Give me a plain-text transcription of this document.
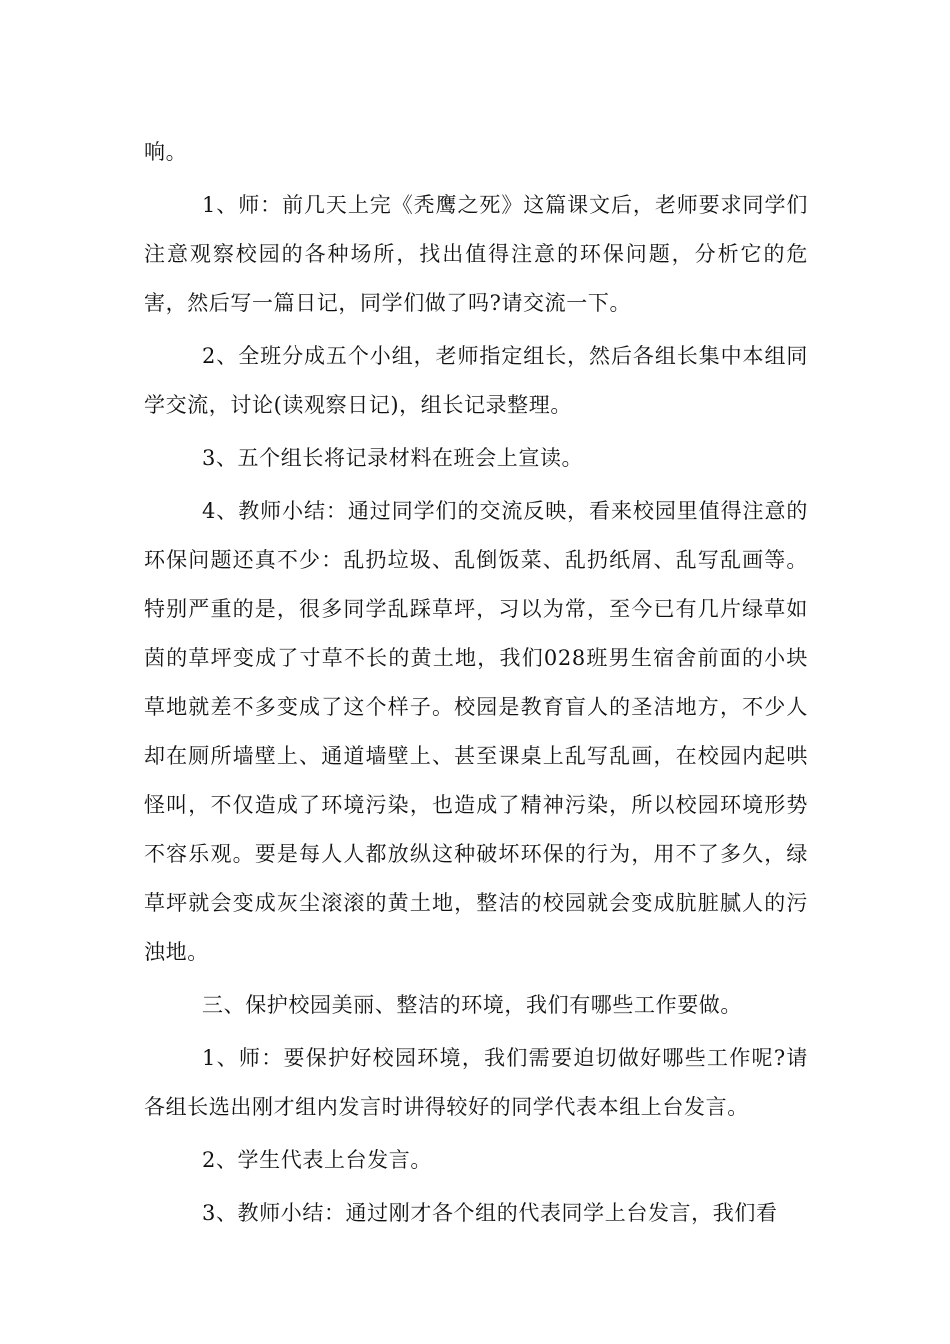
响。

1、师：前几天上完《秃鹰之死》这篇课文后，老师要求同学们注意观察校园的各种场所，找出值得注意的环保问题，分析它的危害，然后写一篇日记，同学们做了吗?请交流一下。

2、全班分成五个小组，老师指定组长，然后各组长集中本组同学交流，讨论(读观察日记)，组长记录整理。

3、五个组长将记录材料在班会上宣读。

4、教师小结：通过同学们的交流反映，看来校园里值得注意的环保问题还真不少：乱扔垃圾、乱倒饭菜、乱扔纸屑、乱写乱画等。特别严重的是，很多同学乱踩草坪，习以为常，至今已有几片绿草如茵的草坪变成了寸草不长的黄土地，我们028班男生宿舍前面的小块草地就差不多变成了这个样子。校园是教育盲人的圣洁地方，不少人却在厕所墙壁上、通道墙壁上、甚至课桌上乱写乱画，在校园内起哄怪叫，不仅造成了环境污染，也造成了精神污染，所以校园环境形势不容乐观。要是每人人都放纵这种破坏环保的行为，用不了多久，绿草坪就会变成灰尘滚滚的黄土地，整洁的校园就会变成肮脏腻人的污浊地。

三、保护校园美丽、整洁的环境，我们有哪些工作要做。

1、师：要保护好校园环境，我们需要迫切做好哪些工作呢?请各组长选出刚才组内发言时讲得较好的同学代表本组上台发言。

2、学生代表上台发言。

3、教师小结：通过刚才各个组的代表同学上台发言，我们看
